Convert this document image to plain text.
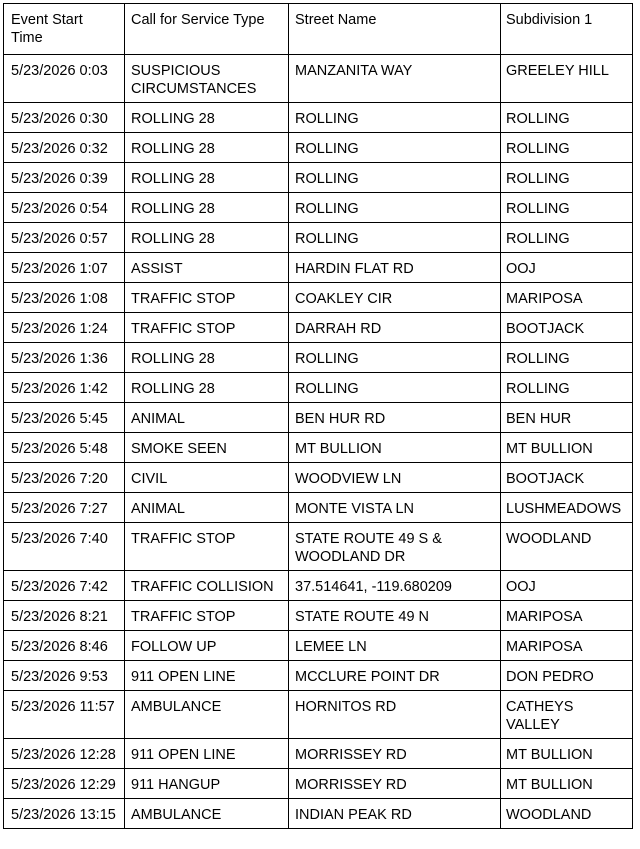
Event Start Time	Call for Service Type	Street Name	Subdivision 1
5/23/2026 0:03	SUSPICIOUS CIRCUMSTANCES	MANZANITA WAY	GREELEY HILL
5/23/2026 0:30	ROLLING 28	ROLLING	ROLLING
5/23/2026 0:32	ROLLING 28	ROLLING	ROLLING
5/23/2026 0:39	ROLLING 28	ROLLING	ROLLING
5/23/2026 0:54	ROLLING 28	ROLLING	ROLLING
5/23/2026 0:57	ROLLING 28	ROLLING	ROLLING
5/23/2026 1:07	ASSIST	HARDIN FLAT RD	OOJ
5/23/2026 1:08	TRAFFIC STOP	COAKLEY CIR	MARIPOSA
5/23/2026 1:24	TRAFFIC STOP	DARRAH RD	BOOTJACK
5/23/2026 1:36	ROLLING 28	ROLLING	ROLLING
5/23/2026 1:42	ROLLING 28	ROLLING	ROLLING
5/23/2026 5:45	ANIMAL	BEN HUR RD	BEN HUR
5/23/2026 5:48	SMOKE SEEN	MT BULLION	MT BULLION
5/23/2026 7:20	CIVIL	WOODVIEW LN	BOOTJACK
5/23/2026 7:27	ANIMAL	MONTE VISTA LN	LUSHMEADOWS
5/23/2026 7:40	TRAFFIC STOP	STATE ROUTE 49 S & WOODLAND DR	WOODLAND
5/23/2026 7:42	TRAFFIC COLLISION	37.514641, -119.680209	OOJ
5/23/2026 8:21	TRAFFIC STOP	STATE ROUTE 49 N	MARIPOSA
5/23/2026 8:46	FOLLOW UP	LEMEE LN	MARIPOSA
5/23/2026 9:53	911 OPEN LINE	MCCLURE POINT DR	DON PEDRO
5/23/2026 11:57	AMBULANCE	HORNITOS RD	CATHEYS VALLEY
5/23/2026 12:28	911 OPEN LINE	MORRISSEY RD	MT BULLION
5/23/2026 12:29	911 HANGUP	MORRISSEY RD	MT BULLION
5/23/2026 13:15	AMBULANCE	INDIAN PEAK RD	WOODLAND
